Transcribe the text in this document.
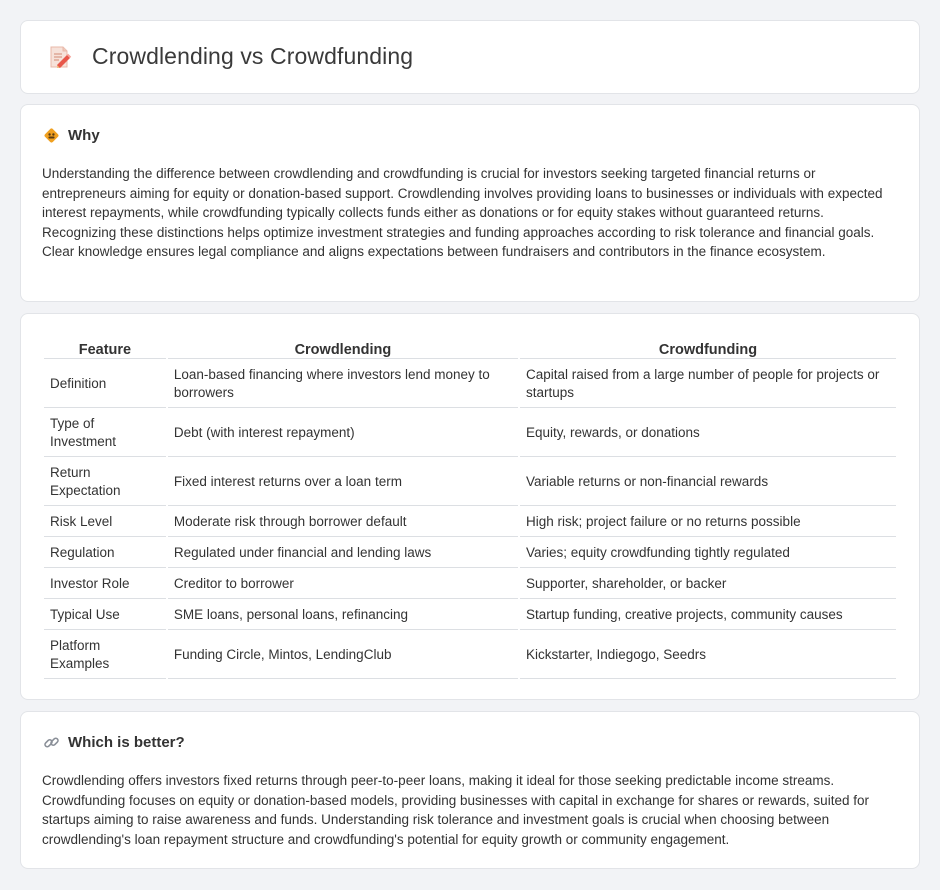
Crowdlending vs Crowdfunding
Why

Understanding the difference between crowdlending and crowdfunding is crucial for investors seeking targeted financial returns or entrepreneurs aiming for equity or donation-based support. Crowdlending involves providing loans to businesses or individuals with expected interest repayments, while crowdfunding typically collects funds either as donations or for equity stakes without guaranteed returns. Recognizing these distinctions helps optimize investment strategies and funding approaches according to risk tolerance and financial goals. Clear knowledge ensures legal compliance and aligns expectations between fundraisers and contributors in the finance ecosystem.

Feature	Crowdlending	Crowdfunding
Definition	Loan-based financing where investors lend money to borrowers	Capital raised from a large number of people for projects or startups
Type of Investment	Debt (with interest repayment)	Equity, rewards, or donations
Return Expectation	Fixed interest returns over a loan term	Variable returns or non-financial rewards
Risk Level	Moderate risk through borrower default	High risk; project failure or no returns possible
Regulation	Regulated under financial and lending laws	Varies; equity crowdfunding tightly regulated
Investor Role	Creditor to borrower	Supporter, shareholder, or backer
Typical Use	SME loans, personal loans, refinancing	Startup funding, creative projects, community causes
Platform Examples	Funding Circle, Mintos, LendingClub	Kickstarter, Indiegogo, Seedrs
Which is better?

Crowdlending offers investors fixed returns through peer-to-peer loans, making it ideal for those seeking predictable income streams. Crowdfunding focuses on equity or donation-based models, providing businesses with capital in exchange for shares or rewards, suited for startups aiming to raise awareness and funds. Understanding risk tolerance and investment goals is crucial when choosing between crowdlending's loan repayment structure and crowdfunding's potential for equity growth or community engagement.
